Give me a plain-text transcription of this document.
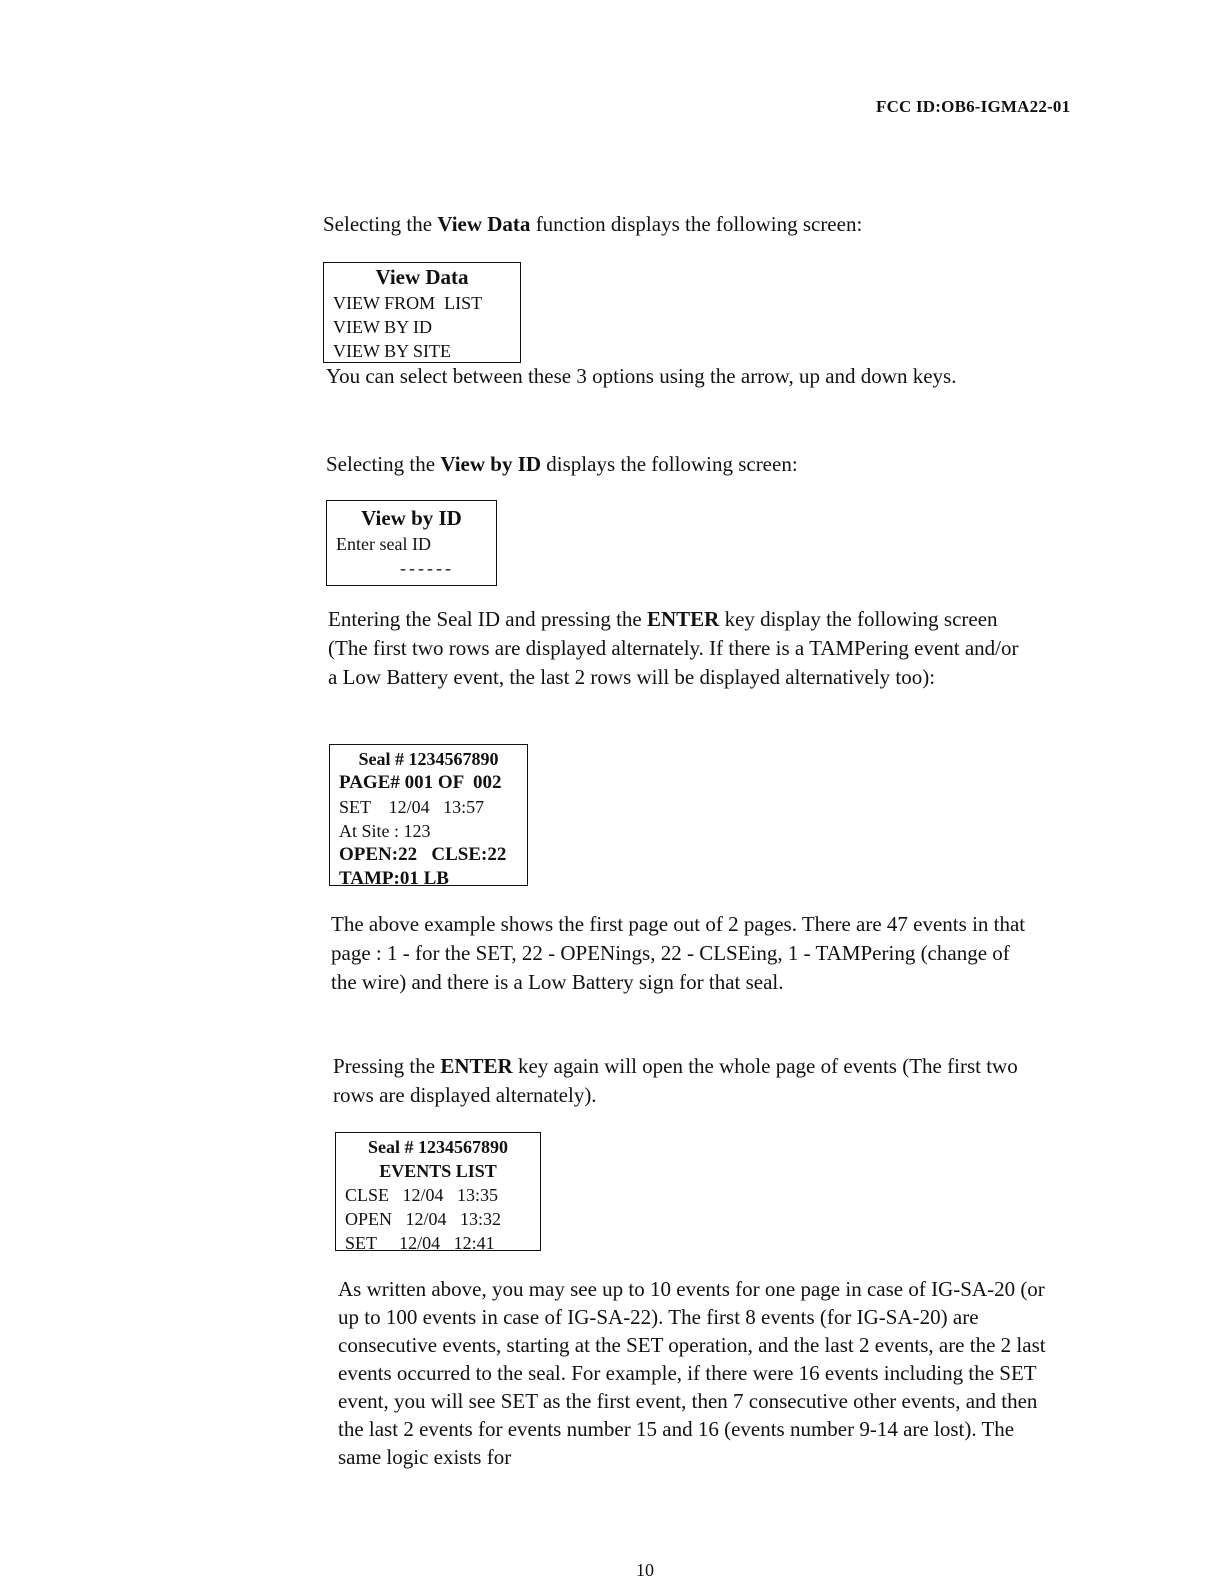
FCC ID:OB6-IGMA22-01

Selecting the View Data function displays the following screen:

View Data
VIEW FROM  LIST
VIEW BY ID
VIEW BY SITE

You can select between these 3 options using the arrow, up and down keys.

Selecting the View by ID displays the following screen:

View by ID
Enter seal ID
------

Entering the Seal ID and pressing the ENTER key display the following screen (The first two rows are displayed alternately. If there is a TAMPering event and/or a Low Battery event, the last 2 rows will be displayed alternatively too):

Seal # 1234567890
PAGE# 001 OF  002
SET    12/04   13:57
At Site : 123
OPEN:22   CLSE:22
TAMP:01 LB

The above example shows the first page out of 2 pages. There are 47 events in that page : 1 - for the SET, 22 - OPENings, 22 - CLSEing, 1 - TAMPering (change of the wire) and there is a Low Battery sign for that seal.

Pressing the ENTER key again will open the whole page of events (The first two rows are displayed alternately).

Seal # 1234567890
EVENTS LIST
CLSE   12/04   13:35
OPEN   12/04   13:32
SET     12/04   12:41

As written above, you may see up to 10 events for one page in case of IG-SA-20 (or up to 100 events in case of IG-SA-22). The first 8 events (for IG-SA-20) are consecutive events, starting at the SET operation, and the last 2 events, are the 2 last events occurred to the seal. For example, if there were 16 events including the SET event, you will see SET as the first event, then 7 consecutive other events, and then the last 2 events for events number 15 and 16 (events number 9-14 are lost). The same logic exists for

10
